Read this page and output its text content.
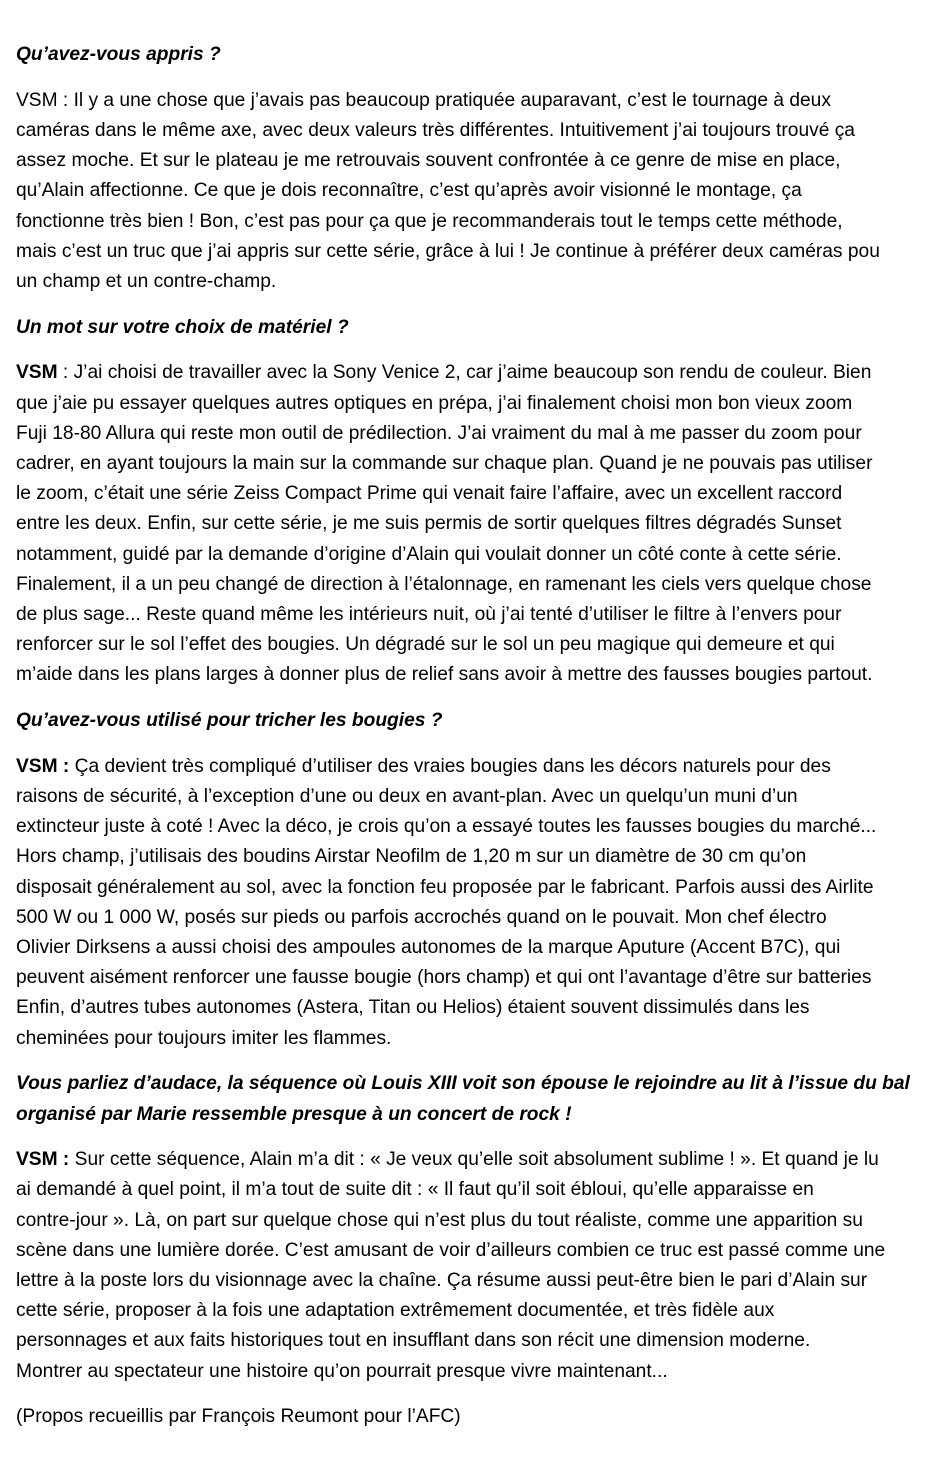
Qu’avez-vous appris ?
VSM : Il y a une chose que j’avais pas beaucoup pratiquée auparavant, c’est le tournage à deux
caméras dans le même axe, avec deux valeurs très différentes. Intuitivement j’ai toujours trouvé ça
assez moche. Et sur le plateau je me retrouvais souvent confrontée à ce genre de mise en place,
qu’Alain affectionne. Ce que je dois reconnaître, c’est qu’après avoir visionné le montage, ça
fonctionne très bien ! Bon, c’est pas pour ça que je recommanderais tout le temps cette méthode,
mais c’est un truc que j’ai appris sur cette série, grâce à lui ! Je continue à préférer deux caméras pou
un champ et un contre-champ.
Un mot sur votre choix de matériel ?
VSM : J’ai choisi de travailler avec la Sony Venice 2, car j’aime beaucoup son rendu de couleur. Bien
que j’aie pu essayer quelques autres optiques en prépa, j’ai finalement choisi mon bon vieux zoom
Fuji 18-80 Allura qui reste mon outil de prédilection. J’ai vraiment du mal à me passer du zoom pour
cadrer, en ayant toujours la main sur la commande sur chaque plan. Quand je ne pouvais pas utiliser
le zoom, c’était une série Zeiss Compact Prime qui venait faire l’affaire, avec un excellent raccord
entre les deux. Enfin, sur cette série, je me suis permis de sortir quelques filtres dégradés Sunset
notamment, guidé par la demande d’origine d’Alain qui voulait donner un côté conte à cette série.
Finalement, il a un peu changé de direction à l’étalonnage, en ramenant les ciels vers quelque chose
de plus sage... Reste quand même les intérieurs nuit, où j’ai tenté d’utiliser le filtre à l’envers pour
renforcer sur le sol l’effet des bougies. Un dégradé sur le sol un peu magique qui demeure et qui
m’aide dans les plans larges à donner plus de relief sans avoir à mettre des fausses bougies partout.
Qu’avez-vous utilisé pour tricher les bougies ?
VSM : Ça devient très compliqué d’utiliser des vraies bougies dans les décors naturels pour des
raisons de sécurité, à l’exception d’une ou deux en avant-plan. Avec un quelqu’un muni d’un
extincteur juste à coté ! Avec la déco, je crois qu’on a essayé toutes les fausses bougies du marché...
Hors champ, j’utilisais des boudins Airstar Neofilm de 1,20 m sur un diamètre de 30 cm qu’on
disposait généralement au sol, avec la fonction feu proposée par le fabricant. Parfois aussi des Airlite
500 W ou 1 000 W, posés sur pieds ou parfois accrochés quand on le pouvait. Mon chef électro
Olivier Dirksens a aussi choisi des ampoules autonomes de la marque Aputure (Accent B7C), qui
peuvent aisément renforcer une fausse bougie (hors champ) et qui ont l’avantage d’être sur batteries
Enfin, d’autres tubes autonomes (Astera, Titan ou Helios) étaient souvent dissimulés dans les
cheminées pour toujours imiter les flammes.
Vous parliez d’audace, la séquence où Louis XIII voit son épouse le rejoindre au lit à l’issue du bal
organisé par Marie ressemble presque à un concert de rock !
VSM : Sur cette séquence, Alain m’a dit : « Je veux qu’elle soit absolument sublime ! ». Et quand je lu
ai demandé à quel point, il m’a tout de suite dit : « Il faut qu’il soit ébloui, qu’elle apparaisse en
contre-jour ». Là, on part sur quelque chose qui n’est plus du tout réaliste, comme une apparition su
scène dans une lumière dorée. C’est amusant de voir d’ailleurs combien ce truc est passé comme une
lettre à la poste lors du visionnage avec la chaîne. Ça résume aussi peut-être bien le pari d’Alain sur
cette série, proposer à la fois une adaptation extrêmement documentée, et très fidèle aux
personnages et aux faits historiques tout en insufflant dans son récit une dimension moderne.
Montrer au spectateur une histoire qu’on pourrait presque vivre maintenant...
(Propos recueillis par François Reumont pour l’AFC)
